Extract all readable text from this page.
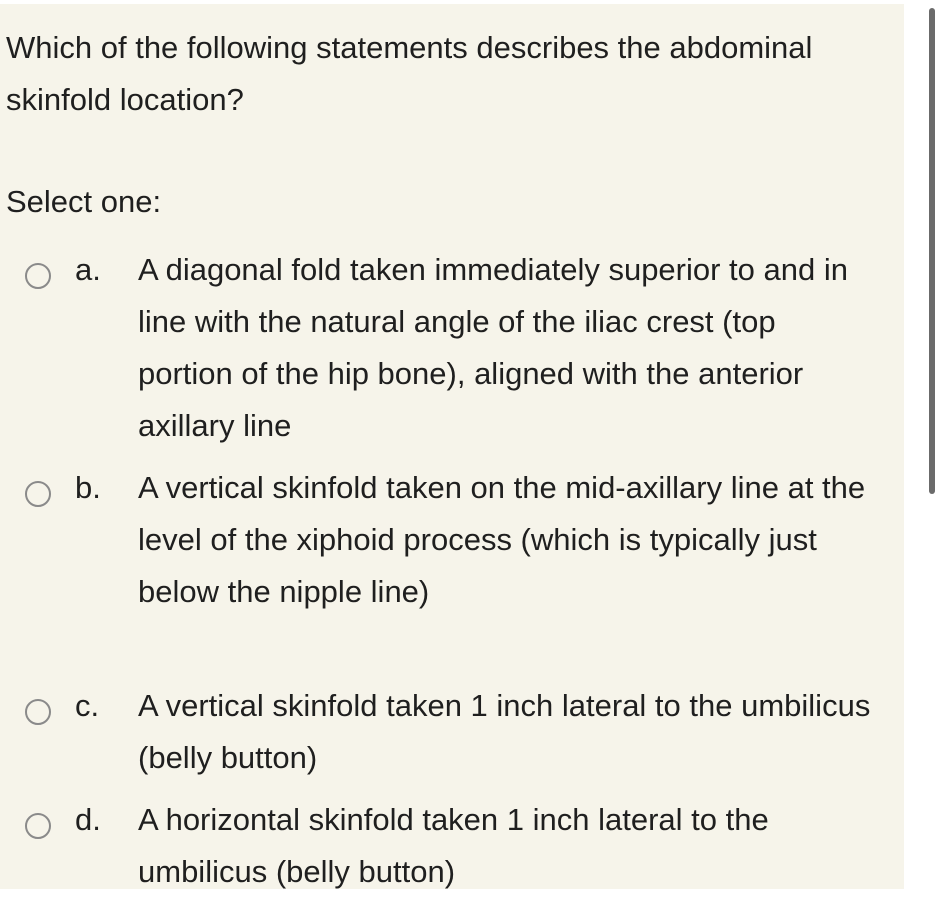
Which of the following statements describes the abdominal skinfold location?
Select one:
a. A diagonal fold taken immediately superior to and in line with the natural angle of the iliac crest (top portion of the hip bone), aligned with the anterior axillary line
b. A vertical skinfold taken on the mid-axillary line at the level of the xiphoid process (which is typically just below the nipple line)
c. A vertical skinfold taken 1 inch lateral to the umbilicus (belly button)
d. A horizontal skinfold taken 1 inch lateral to the umbilicus (belly button)
